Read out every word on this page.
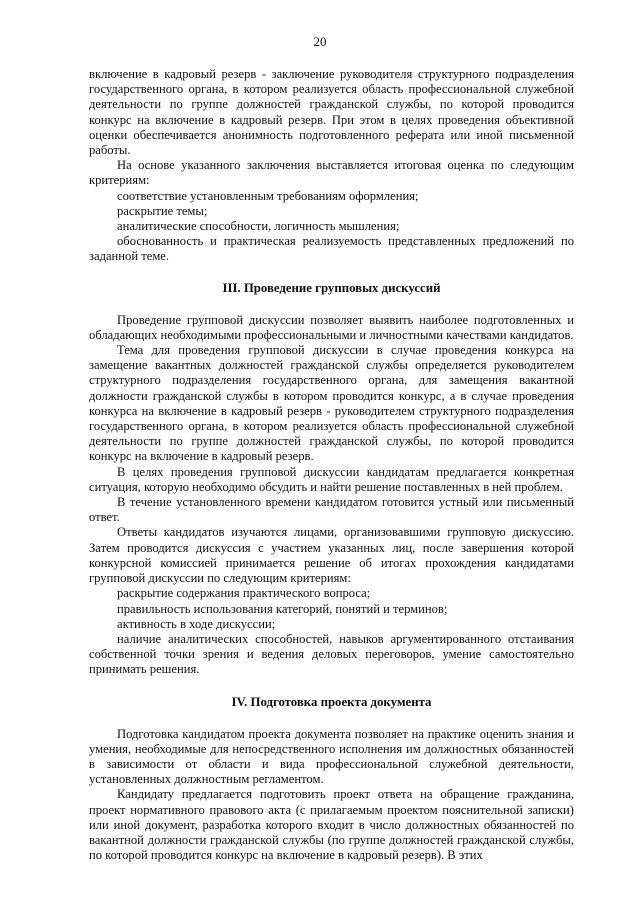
20

включение в кадровый резерв - заключение руководителя структурного подразделения государственного органа, в котором реализуется область профессиональной служебной деятельности по группе должностей гражданской службы, по которой проводится конкурс на включение в кадровый резерв. При этом в целях проведения объективной оценки обеспечивается анонимность подготовленного реферата или иной письменной работы.

На основе указанного заключения выставляется итоговая оценка по следующим критериям:

соответствие установленным требованиям оформления;

раскрытие темы;

аналитические способности, логичность мышления;

обоснованность и практическая реализуемость представленных предложений по заданной теме.

III. Проведение групповых дискуссий

Проведение групповой дискуссии позволяет выявить наиболее подготовленных и обладающих необходимыми профессиональными и личностными качествами кандидатов.

Тема для проведения групповой дискуссии в случае проведения конкурса на замещение вакантных должностей гражданской службы определяется руководителем структурного подразделения государственного органа, для замещения вакантной должности гражданской службы в котором проводится конкурс, а в случае проведения конкурса на включение в кадровый резерв - руководителем структурного подразделения государственного органа, в котором реализуется область профессиональной служебной деятельности по группе должностей гражданской службы, по которой проводится конкурс на включение в кадровый резерв.

В целях проведения групповой дискуссии кандидатам предлагается конкретная ситуация, которую необходимо обсудить и найти решение поставленных в ней проблем.

В течение установленного времени кандидатом готовится устный или письменный ответ.

Ответы кандидатов изучаются лицами, организовавшими групповую дискуссию. Затем проводится дискуссия с участием указанных лиц, после завершения которой конкурсной комиссией принимается решение об итогах прохождения кандидатами групповой дискуссии по следующим критериям:

раскрытие содержания практического вопроса;

правильность использования категорий, понятий и терминов;

активность в ходе дискуссии;

наличие аналитических способностей, навыков аргументированного отстаивания собственной точки зрения и ведения деловых переговоров, умение самостоятельно принимать решения.

IV. Подготовка проекта документа

Подготовка кандидатом проекта документа позволяет на практике оценить знания и умения, необходимые для непосредственного исполнения им должностных обязанностей в зависимости от области и вида профессиональной служебной деятельности, установленных должностным регламентом.

Кандидату предлагается подготовить проект ответа на обращение гражданина, проект нормативного правового акта (с прилагаемым проектом пояснительной записки) или иной документ, разработка которого входит в число должностных обязанностей по вакантной должности гражданской службы (по группе должностей гражданской службы, по которой проводится конкурс на включение в кадровый резерв). В этих
